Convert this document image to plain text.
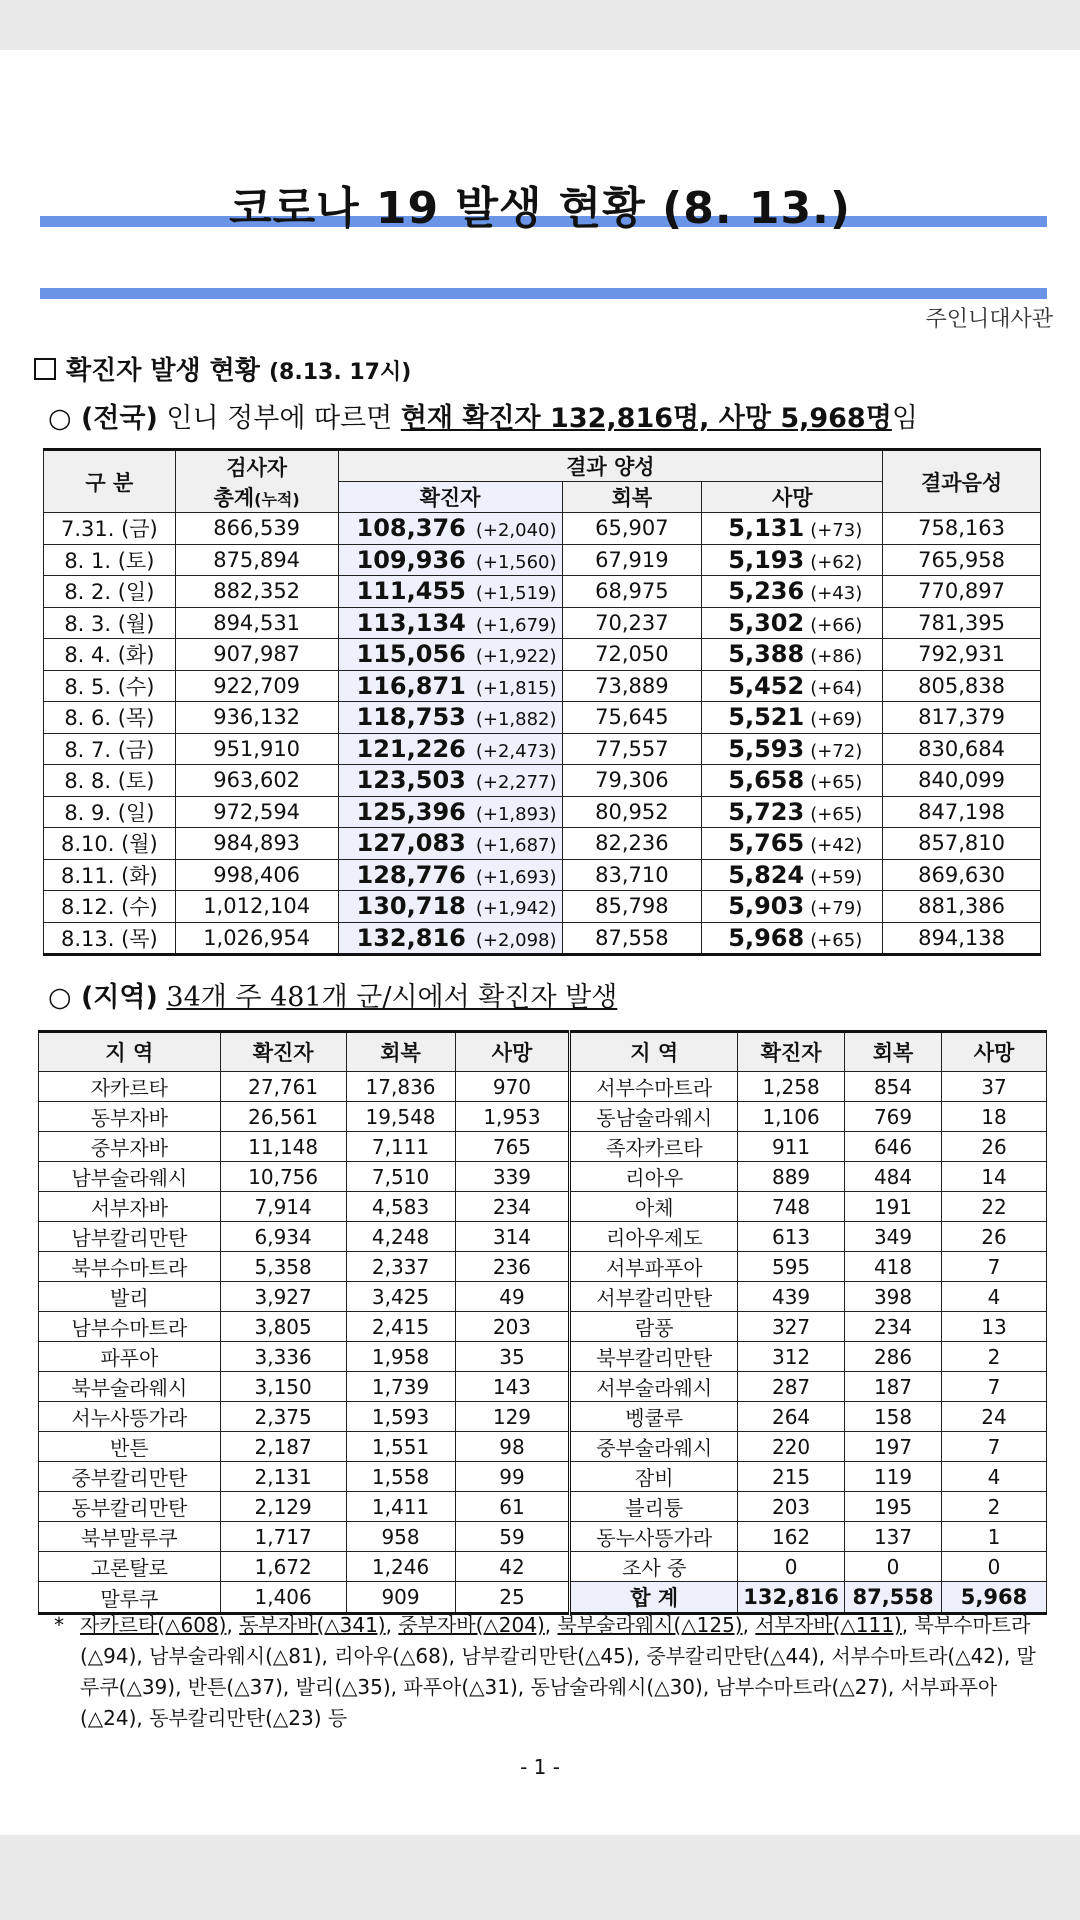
코로나 19 발생 현황 (8. 13.)
주인니대사관
확진자 발생 현황 (8.13. 17시)
○ (전국) 인니 정부에 따르면 현재 확진자 132,816명, 사망 5,968명임
구 분	검사자
총계(누적)	결과 양성			결과음성
		확진자	회복	사망	
7.31. (금)	866,539	108,376 (+2,040)	65,907	5,131 (+73)	758,163
8. 1. (토)	875,894	109,936 (+1,560)	67,919	5,193 (+62)	765,958
8. 2. (일)	882,352	111,455 (+1,519)	68,975	5,236 (+43)	770,897
8. 3. (월)	894,531	113,134 (+1,679)	70,237	5,302 (+66)	781,395
8. 4. (화)	907,987	115,056 (+1,922)	72,050	5,388 (+86)	792,931
8. 5. (수)	922,709	116,871 (+1,815)	73,889	5,452 (+64)	805,838
8. 6. (목)	936,132	118,753 (+1,882)	75,645	5,521 (+69)	817,379
8. 7. (금)	951,910	121,226 (+2,473)	77,557	5,593 (+72)	830,684
8. 8. (토)	963,602	123,503 (+2,277)	79,306	5,658 (+65)	840,099
8. 9. (일)	972,594	125,396 (+1,893)	80,952	5,723 (+65)	847,198
8.10. (월)	984,893	127,083 (+1,687)	82,236	5,765 (+42)	857,810
8.11. (화)	998,406	128,776 (+1,693)	83,710	5,824 (+59)	869,630
8.12. (수)	1,012,104	130,718 (+1,942)	85,798	5,903 (+79)	881,386
8.13. (목)	1,026,954	132,816 (+2,098)	87,558	5,968 (+65)	894,138
○ (지역) 34개 주 481개 군/시에서 확진자 발생
지 역	확진자	회복	사망	지 역	확진자	회복	사망
자카르타	27,761	17,836	970	서부수마트라	1,258	854	37
동부자바	26,561	19,548	1,953	동남술라웨시	1,106	769	18
중부자바	11,148	7,111	765	족자카르타	911	646	26
남부술라웨시	10,756	7,510	339	리아우	889	484	14
서부자바	7,914	4,583	234	아체	748	191	22
남부칼리만탄	6,934	4,248	314	리아우제도	613	349	26
북부수마트라	5,358	2,337	236	서부파푸아	595	418	7
발리	3,927	3,425	49	서부칼리만탄	439	398	4
남부수마트라	3,805	2,415	203	람풍	327	234	13
파푸아	3,336	1,958	35	북부칼리만탄	312	286	2
북부술라웨시	3,150	1,739	143	서부술라웨시	287	187	7
서누사뜽가라	2,375	1,593	129	벵쿨루	264	158	24
반튼	2,187	1,551	98	중부술라웨시	220	197	7
중부칼리만탄	2,131	1,558	99	잠비	215	119	4
동부칼리만탄	2,129	1,411	61	블리퉁	203	195	2
북부말루쿠	1,717	958	59	동누사뜽가라	162	137	1
고론탈로	1,672	1,246	42	조사 중	0	0	0
말루쿠	1,406	909	25	합 계	132,816	87,558	5,968
* 자카르타(△608), 동부자바(△341), 중부자바(△204), 북부술라웨시(△125), 서부자바(△111), 북부수마트라(△94), 남부술라웨시(△81), 리아우(△68), 남부칼리만탄(△45), 중부칼리만탄(△44), 서부수마트라(△42), 말루쿠(△39), 반튼(△37), 발리(△35), 파푸아(△31), 동남술라웨시(△30), 남부수마트라(△27), 서부파푸아(△24), 동부칼리만탄(△23) 등
- 1 -
